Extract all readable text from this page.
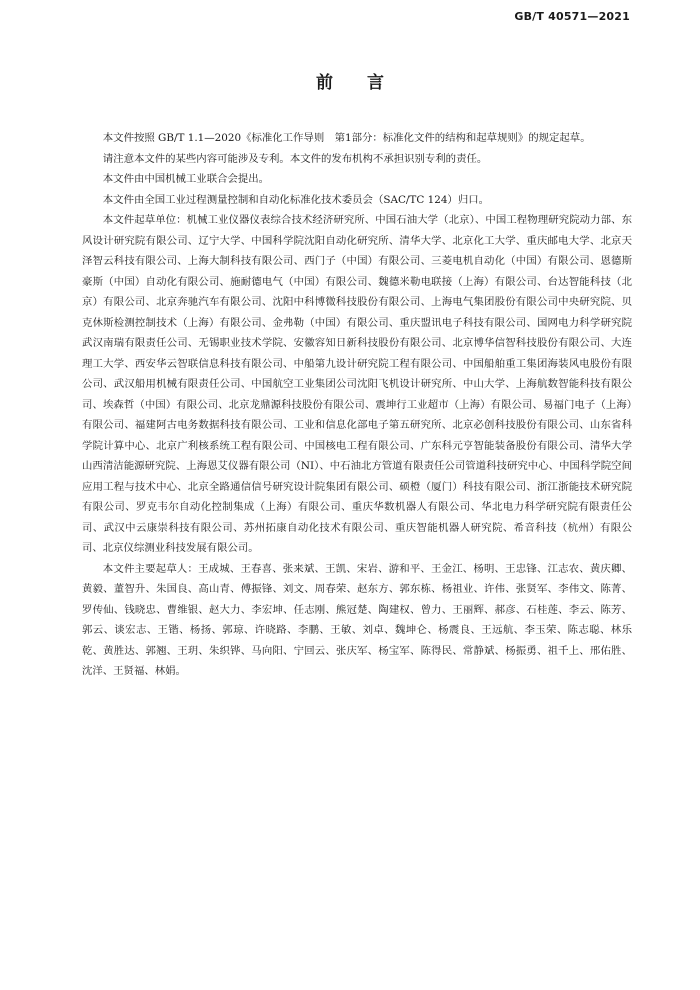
GB/T 40571—2021
前言

本文件按照 GB/T 1.1—2020《标准化工作导则　第1部分：标准化文件的结构和起草规则》的规定起草。

请注意本文件的某些内容可能涉及专利。本文件的发布机构不承担识别专利的责任。

本文件由中国机械工业联合会提出。

本文件由全国工业过程测量控制和自动化标准化技术委员会（SAC/TC 124）归口。

本文件起草单位：机械工业仪器仪表综合技术经济研究所、中国石油大学（北京）、中国工程物理研究院动力部、东风设计研究院有限公司、辽宁大学、中国科学院沈阳自动化研究所、清华大学、北京化工大学、重庆邮电大学、北京天泽智云科技有限公司、上海大制科技有限公司、西门子（中国）有限公司、三菱电机自动化（中国）有限公司、恩德斯豪斯（中国）自动化有限公司、施耐德电气（中国）有限公司、魏德米勒电联接（上海）有限公司、台达智能科技（北京）有限公司、北京奔驰汽车有限公司、沈阳中科博微科技股份有限公司、上海电气集团股份有限公司中央研究院、贝克休斯检测控制技术（上海）有限公司、金弗勒（中国）有限公司、重庆盟讯电子科技有限公司、国网电力科学研究院武汉南瑞有限责任公司、无锡职业技术学院、安徽容知日新科技股份有限公司、北京博华信智科技股份有限公司、大连理工大学、西安华云智联信息科技有限公司、中船第九设计研究院工程有限公司、中国船舶重工集团海装风电股份有限公司、武汉船用机械有限责任公司、中国航空工业集团公司沈阳飞机设计研究所、中山大学、上海航数智能科技有限公司、埃森哲（中国）有限公司、北京龙鼎源科技股份有限公司、震坤行工业超市（上海）有限公司、易福门电子（上海）有限公司、福建阿古电务数据科技有限公司、工业和信息化部电子第五研究所、北京必创科技股份有限公司、山东省科学院计算中心、北京广利核系统工程有限公司、中国核电工程有限公司、广东科元亨智能装备股份有限公司、清华大学山西清洁能源研究院、上海恩艾仪器有限公司（NI）、中石油北方管道有限责任公司管道科技研究中心、中国科学院空间应用工程与技术中心、北京全路通信信号研究设计院集团有限公司、硕橙（厦门）科技有限公司、浙江浙能技术研究院有限公司、罗克韦尔自动化控制集成（上海）有限公司、重庆华数机器人有限公司、华北电力科学研究院有限责任公司、武汉中云康崇科技有限公司、苏州拓康自动化技术有限公司、重庆智能机器人研究院、希音科技（杭州）有限公司、北京仪综测业科技发展有限公司。

本文件主要起草人：王成城、王春喜、张来斌、王凯、宋岩、游和平、王金江、杨明、王忠锋、江志农、黄庆卿、黄毅、董智升、朱国良、高山青、傅振锋、刘文、周春荣、赵东方、郭东栋、杨祖业、许伟、张贤军、李伟文、陈菁、罗传仙、钱晓忠、曹维银、赵大力、李宏坤、任志刚、熊冠楚、陶建权、曾力、王丽辉、郝彦、石桂莲、李云、陈芳、郭云、谈宏志、王锴、杨扬、郭琼、许晓路、李鹏、王敏、刘卓、魏坤仑、杨震良、王远航、李玉荣、陈志聪、林乐乾、黄胜达、郭翘、王玥、朱织铧、马向阳、宁回云、张庆军、杨宝军、陈得民、常静斌、杨振勇、祖千上、邢佑胜、沈洋、王贤福、林娟。
